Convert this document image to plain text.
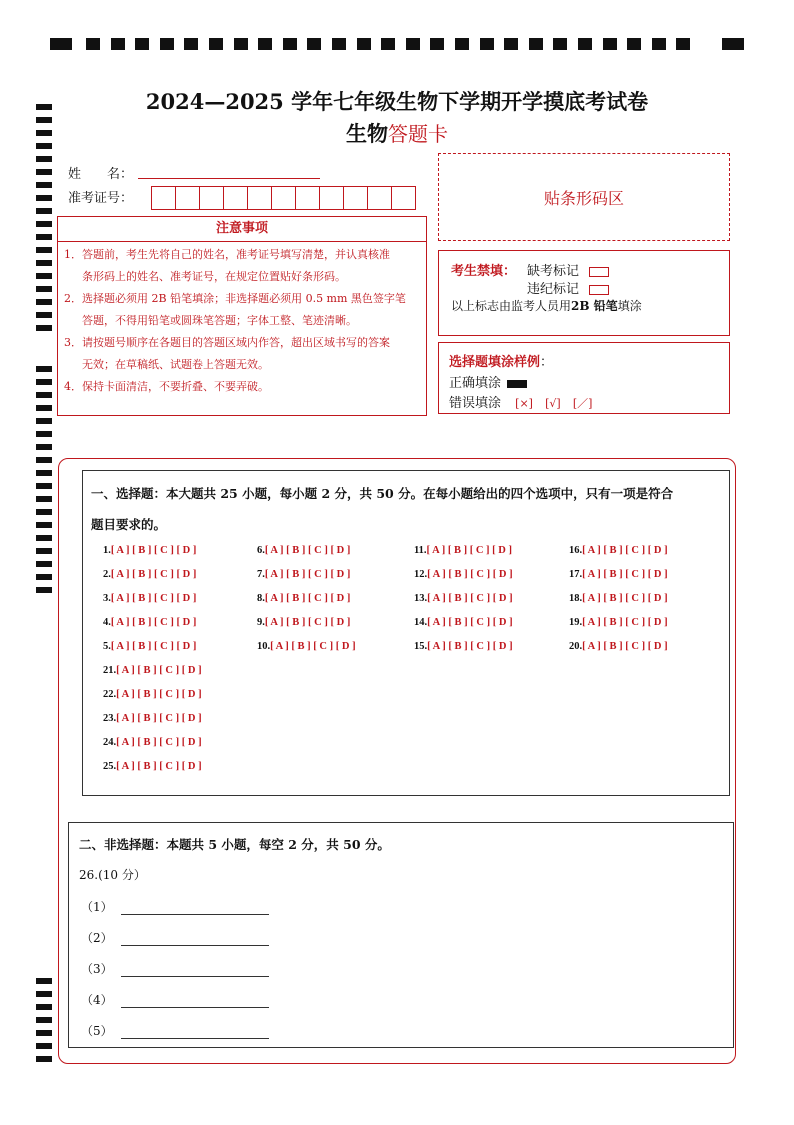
2024—2025 学年七年级生物下学期开学摸底考试卷
生物答题卡
姓　　名：
准考证号：	贴条形码区
注意事项
1．答题前，考生先将自己的姓名，准考证号填写清楚，并认真核准
条形码上的姓名、准考证号，在规定位置贴好条形码。
2．选择题必须用 2B 铅笔填涂；非选择题必须用 0.5 mm 黑色签字笔
答题，不得用铅笔或圆珠笔答题；字体工整、笔迹清晰。
3．请按题号顺序在各题目的答题区域内作答，超出区域书写的答案
无效；在草稿纸、试题卷上答题无效。
4．保持卡面清洁，不要折叠、不要弄破。
考生禁填： 缺考标记
违纪标记
以上标志由监考人员用2B 铅笔填涂
选择题填涂样例：
正确填涂
错误填涂 [×] [√] [／]
一、选择题：本大题共 25 小题，每小题 2 分，共 50 分。在每小题给出的四个选项中，只有一项是符合
题目要求的。
1.[ A ] [ B ] [ C ] [ D ]
2.[ A ] [ B ] [ C ] [ D ]
3.[ A ] [ B ] [ C ] [ D ]
4.[ A ] [ B ] [ C ] [ D ]
5.[ A ] [ B ] [ C ] [ D ]
21.[ A ] [ B ] [ C ] [ D ]
22.[ A ] [ B ] [ C ] [ D ]
23.[ A ] [ B ] [ C ] [ D ]
24.[ A ] [ B ] [ C ] [ D ]
25.[ A ] [ B ] [ C ] [ D ]
6.[ A ] [ B ] [ C ] [ D ]
7.[ A ] [ B ] [ C ] [ D ]
8.[ A ] [ B ] [ C ] [ D ]
9.[ A ] [ B ] [ C ] [ D ]
10.[ A ] [ B ] [ C ] [ D ]
11.[ A ] [ B ] [ C ] [ D ]
12.[ A ] [ B ] [ C ] [ D ]
13.[ A ] [ B ] [ C ] [ D ]
14.[ A ] [ B ] [ C ] [ D ]
15.[ A ] [ B ] [ C ] [ D ]
16.[ A ] [ B ] [ C ] [ D ]
17.[ A ] [ B ] [ C ] [ D ]
18.[ A ] [ B ] [ C ] [ D ]
19.[ A ] [ B ] [ C ] [ D ]
20.[ A ] [ B ] [ C ] [ D ]
二、非选择题：本题共 5 小题，每空 2 分，共 50 分。
26.(10 分）
（1）
（2）
（3）
（4）
（5）
